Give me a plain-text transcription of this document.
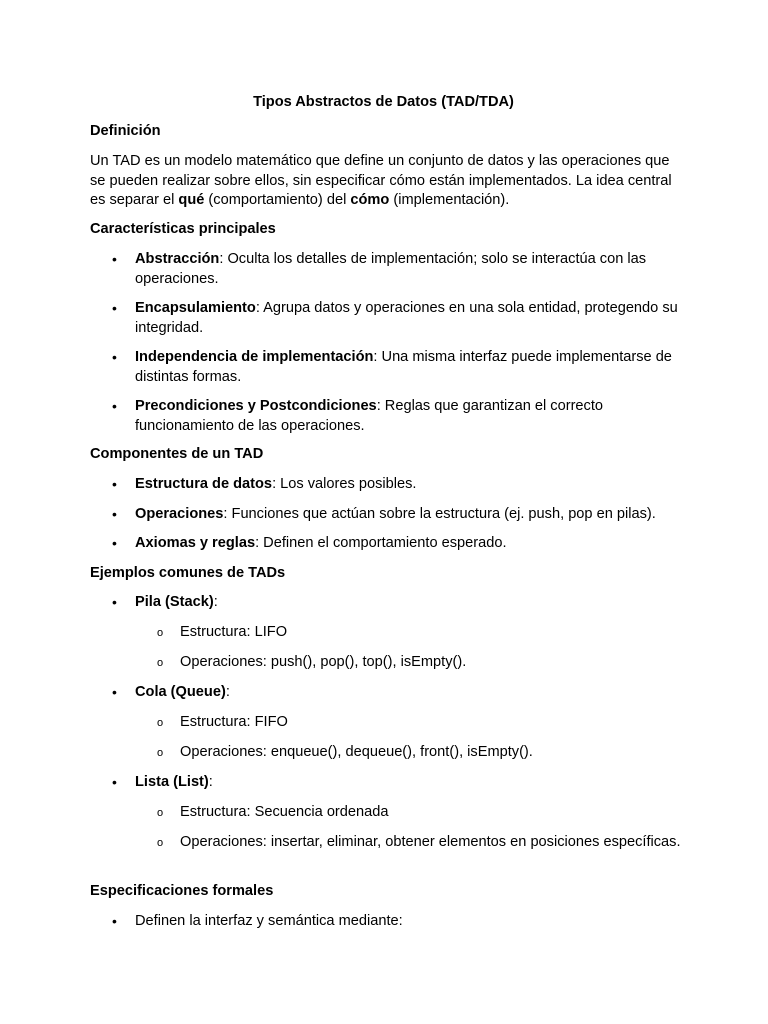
Tipos Abstractos de Datos (TAD/TDA)
Definición
Un TAD es un modelo matemático que define un conjunto de datos y las operaciones que se pueden realizar sobre ellos, sin especificar cómo están implementados. La idea central es separar el qué (comportamiento) del cómo (implementación).
Características principales
• Abstracción: Oculta los detalles de implementación; solo se interactúa con las operaciones.
• Encapsulamiento: Agrupa datos y operaciones en una sola entidad, protegendo su integridad.
• Independencia de implementación: Una misma interfaz puede implementarse de distintas formas.
• Precondiciones y Postcondiciones: Reglas que garantizan el correcto funcionamiento de las operaciones.
Componentes de un TAD
• Estructura de datos: Los valores posibles.
• Operaciones: Funciones que actúan sobre la estructura (ej. push, pop en pilas).
• Axiomas y reglas: Definen el comportamiento esperado.
Ejemplos comunes de TADs
• Pila (Stack):
o Estructura: LIFO
o Operaciones: push(), pop(), top(), isEmpty().
• Cola (Queue):
o Estructura: FIFO
o Operaciones: enqueue(), dequeue(), front(), isEmpty().
• Lista (List):
o Estructura: Secuencia ordenada
o Operaciones: insertar, eliminar, obtener elementos en posiciones específicas.
Especificaciones formales
• Definen la interfaz y semántica mediante:
